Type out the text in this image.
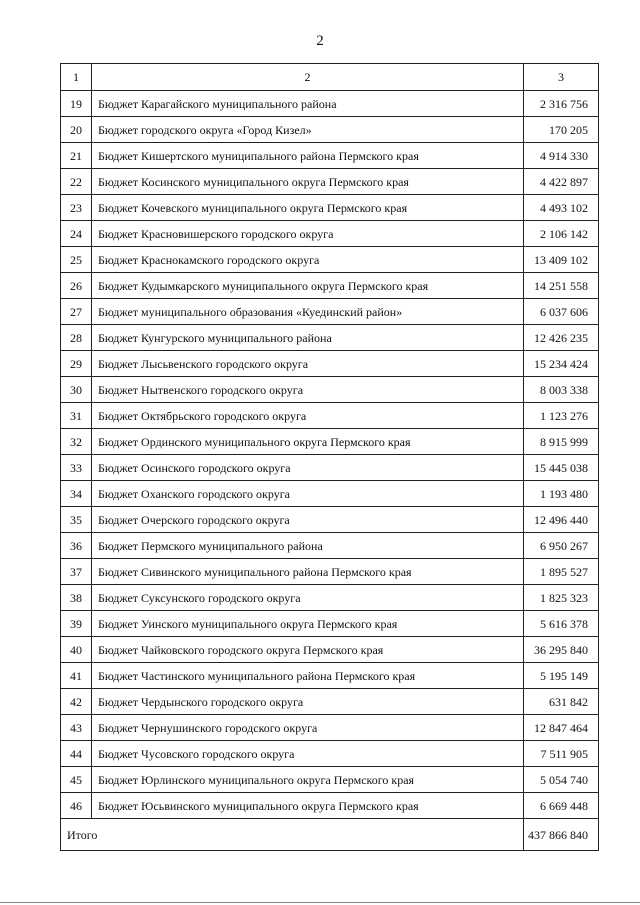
2
1	2	3
19	Бюджет Карагайского муниципального района	2 316 756
20	Бюджет городского округа «Город Кизел»	170 205
21	Бюджет Кишертского муниципального района Пермского края	4 914 330
22	Бюджет Косинского муниципального округа Пермского края	4 422 897
23	Бюджет Кочевского муниципального округа Пермского края	4 493 102
24	Бюджет Красновишерского городского округа	2 106 142
25	Бюджет Краснокамского городского округа	13 409 102
26	Бюджет Кудымкарского муниципального округа Пермского края	14 251 558
27	Бюджет муниципального образования «Куединский район»	6 037 606
28	Бюджет Кунгурского муниципального района	12 426 235
29	Бюджет Лысьвенского городского округа	15 234 424
30	Бюджет Нытвенского городского округа	8 003 338
31	Бюджет Октябрьского городского округа	1 123 276
32	Бюджет Ординского муниципального округа Пермского края	8 915 999
33	Бюджет Осинского городского округа	15 445 038
34	Бюджет Оханского городского округа	1 193 480
35	Бюджет Очерского городского округа	12 496 440
36	Бюджет Пермского муниципального района	6 950 267
37	Бюджет Сивинского муниципального района Пермского края	1 895 527
38	Бюджет Суксунского городского округа	1 825 323
39	Бюджет Уинского муниципального округа Пермского края	5 616 378
40	Бюджет Чайковского городского округа Пермского края	36 295 840
41	Бюджет Частинского муниципального района Пермского края	5 195 149
42	Бюджет Чердынского городского округа	631 842
43	Бюджет Чернушинского городского округа	12 847 464
44	Бюджет Чусовского городского округа	7 511 905
45	Бюджет Юрлинского муниципального округа Пермского края	5 054 740
46	Бюджет Юсьвинского муниципального округа Пермского края	6 669 448
Итого		437 866 840
